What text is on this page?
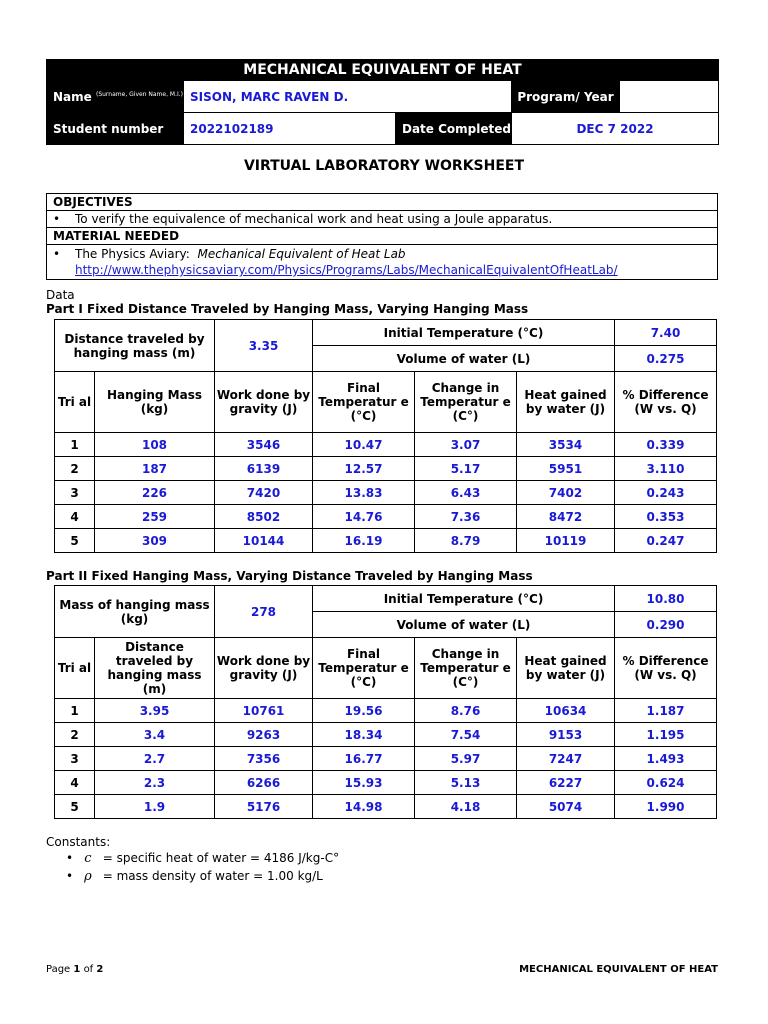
MECHANICAL EQUIVALENT OF HEAT				
Name $^{(Surname, Given Name, M.I.)}$	SISON, MARC RAVEN D.		Program/ Year	
Student number	2022102189	Date Completed	DEC 7 2022	
VIRTUAL LABORATORY WORKSHEET
OBJECTIVES
• To verify the equivalence of mechanical work and heat using a Joule apparatus.
MATERIAL NEEDED
• The Physics Aviary: Mechanical Equivalent of Heat Lab
http://www.thephysicsaviary.com/Physics/Programs/Labs/MechanicalEquivalentOfHeatLab/
Data
Part I Fixed Distance Traveled by Hanging Mass, Varying Hanging Mass
Distance traveled by hanging mass (m)		3.35	Initial Temperature (°C)			7.40
			Volume of water (L)			0.275
Tri al	Hanging Mass (kg)	Work done by gravity (J)	Final Temperatur e (°C)	Change in Temperatur e (C°)	Heat gained by water (J)	% Difference (W vs. Q)
1	108	3546	10.47	3.07	3534	0.339
2	187	6139	12.57	5.17	5951	3.110
3	226	7420	13.83	6.43	7402	0.243
4	259	8502	14.76	7.36	8472	0.353
5	309	10144	16.19	8.79	10119	0.247
Part II Fixed Hanging Mass, Varying Distance Traveled by Hanging Mass
Mass of hanging mass (kg)		278	Initial Temperature (°C)			10.80
			Volume of water (L)			0.290
Tri al	Distance traveled by hanging mass (m)	Work done by gravity (J)	Final Temperatur e (°C)	Change in Temperatur e (C°)	Heat gained by water (J)	% Difference (W vs. Q)
1	3.95	10761	19.56	8.76	10634	1.187
2	3.4	9263	18.34	7.54	9153	1.195
3	2.7	7356	16.77	5.97	7247	1.493
4	2.3	6266	15.93	5.13	6227	0.624
5	1.9	5176	14.98	4.18	5074	1.990
Constants:
• c = specific heat of water = 4186 J/kg-C°
• ρ = mass density of water = 1.00 kg/L
Page 1 of 2	MECHANICAL EQUIVALENT OF HEAT
